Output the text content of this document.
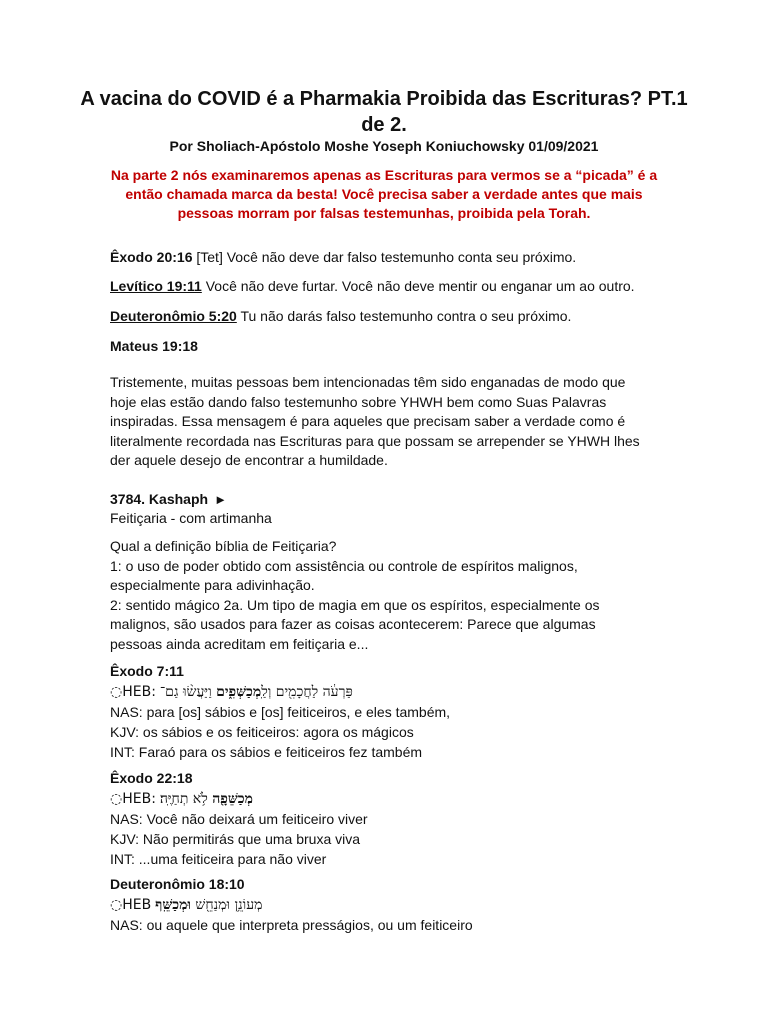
A vacina do COVID é a Pharmakia Proibida das Escrituras? PT.1 de 2.
Por Sholiach-Apóstolo Moshe Yoseph Koniuchowsky 01/09/2021
Na parte 2 nós examinaremos apenas as Escrituras para vermos se a “picada” é a então chamada marca da besta! Você precisa saber a verdade antes que mais pessoas morram por falsas testemunhas, proibida pela Torah.
Êxodo 20:16 [Tet] Você não deve dar falso testemunho conta seu próximo.
Levítico 19:11 Você não deve furtar. Você não deve mentir ou enganar um ao outro.
Deuteronômio 5:20 Tu não darás falso testemunho contra o seu próximo.
Mateus 19:18
Tristemente, muitas pessoas bem intencionadas têm sido enganadas de modo que hoje elas estão dando falso testemunho sobre YHWH bem como Suas Palavras inspiradas. Essa mensagem é para aqueles que precisam saber a verdade como é literalmente recordada nas Escrituras para que possam se arrepender se YHWH lhes der aquele desejo de encontrar a humildade.
3784. Kashaph ►
Feitiçaria - com artimanha
Qual a definição bíblia de Feitiçaria?
1: o uso de poder obtido com assistência ou controle de espíritos malignos, especialmente para adivinhação.
2: sentido mágico 2a. Um tipo de magia em que os espíritos, especialmente os malignos, são usados para fazer as coisas acontecerem: Parece que algumas pessoas ainda acreditam em feitiçaria e...
Êxodo 7:11
◌HEB:	פַּרְעֹ֔ה לַחֲכָמִ֖ים וְלַֽמְכַשְּׁפִ֑ים וַיַּעֲשׂ֨וּ גַם־
NAS: para [os] sábios e [os] feiticeiros, e eles também,
KJV: os sábios e os feiticeiros: agora os mágicos
INT: Faraó para os sábios e feiticeiros fez também
Êxodo 22:18
◌HEB:	מְכַשֵּׁפָ֖ה לֹ֥א תְחַיֶּֽה׃
NAS: Você não deixará um feiticeiro viver
KJV: Não permitirás que uma bruxa viva
INT: ...uma feiticeira para não viver
Deuteronômio 18:10
◌HEB	מְעוֹנֵ֥ן וּמְנַחֵ֖שׁ וּמְכַשֵּֽׁף
NAS: ou aquele que interpreta presságios, ou um feiticeiro
